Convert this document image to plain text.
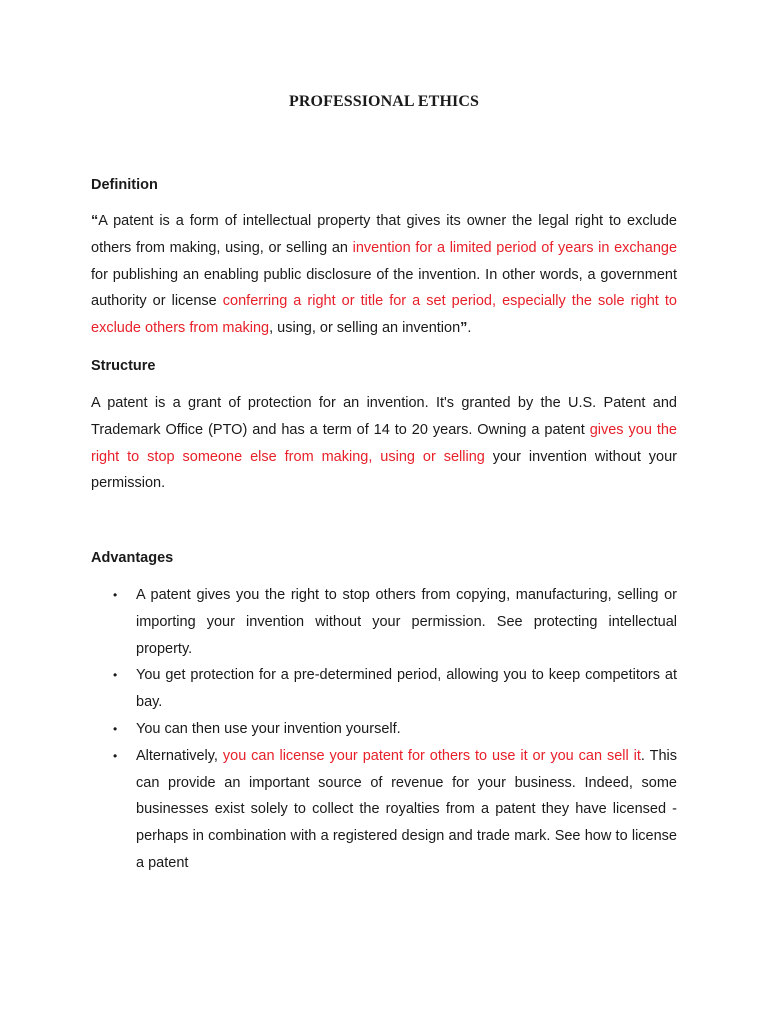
PROFESSIONAL ETHICS
Definition
“A patent is a form of intellectual property that gives its owner the legal right to exclude others from making, using, or selling an invention for a limited period of years in exchange for publishing an enabling public disclosure of the invention. In other words, a government authority or license conferring a right or title for a set period, especially the sole right to exclude others from making, using, or selling an invention”.
Structure
A patent is a grant of protection for an invention. It's granted by the U.S. Patent and Trademark Office (PTO) and has a term of 14 to 20 years. Owning a patent gives you the right to stop someone else from making, using or selling your invention without your permission.
Advantages
• A patent gives you the right to stop others from copying, manufacturing, selling or importing your invention without your permission. See protecting intellectual property.
• You get protection for a pre-determined period, allowing you to keep competitors at bay.
• You can then use your invention yourself.
• Alternatively, you can license your patent for others to use it or you can sell it. This can provide an important source of revenue for your business. Indeed, some businesses exist solely to collect the royalties from a patent they have licensed - perhaps in combination with a registered design and trade mark. See how to license a patent
